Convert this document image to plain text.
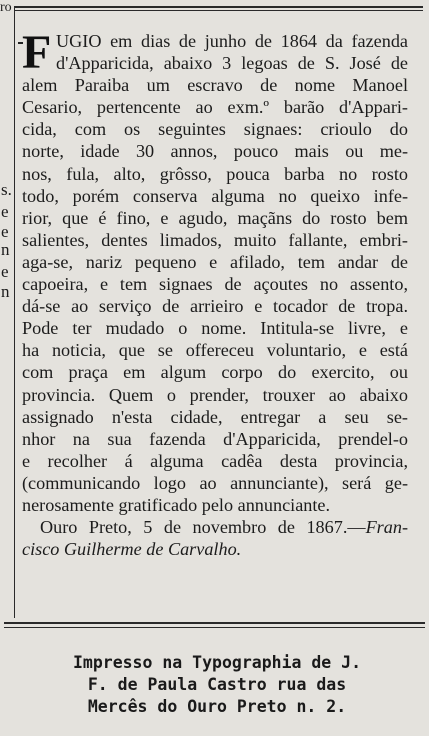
ro
s.
e
e
n
e
n
F UGIO em dias de junho de 1864 da fazenda
d'Apparicida, abaixo 3 legoas de S. José de
alem Paraiba um escravo de nome Manoel
Cesario, pertencente ao exm.º barão d'Appari-
cida, com os seguintes signaes: crioulo do
norte, idade 30 annos, pouco mais ou me-
nos, fula, alto, grôsso, pouca barba no rosto
todo, porém conserva alguma no queixo infe-
rior, que é fino, e agudo, maçãns do rosto bem
salientes, dentes limados, muito fallante, embri-
aga-se, nariz pequeno e afilado, tem andar de
capoeira, e tem signaes de açoutes no assento,
dá-se ao serviço de arrieiro e tocador de tropa.
Pode ter mudado o nome. Intitula-se livre, e
ha noticia, que se offereceu voluntario, e está
com praça em algum corpo do exercito, ou
provincia. Quem o prender, trouxer ao abaixo
assignado n'esta cidade, entregar a seu se-
nhor na sua fazenda d'Apparicida, prendel-o
e recolher á alguma cadêa desta provincia,
(communicando logo ao annunciante), será ge-
nerosamente gratificado pelo annunciante.
Ouro Preto, 5 de novembro de 1867.—Fran-
cisco Guilherme de Carvalho.
Impresso na Typographia de J.
F. de Paula Castro rua das
Mercês do Ouro Preto n. 2.
